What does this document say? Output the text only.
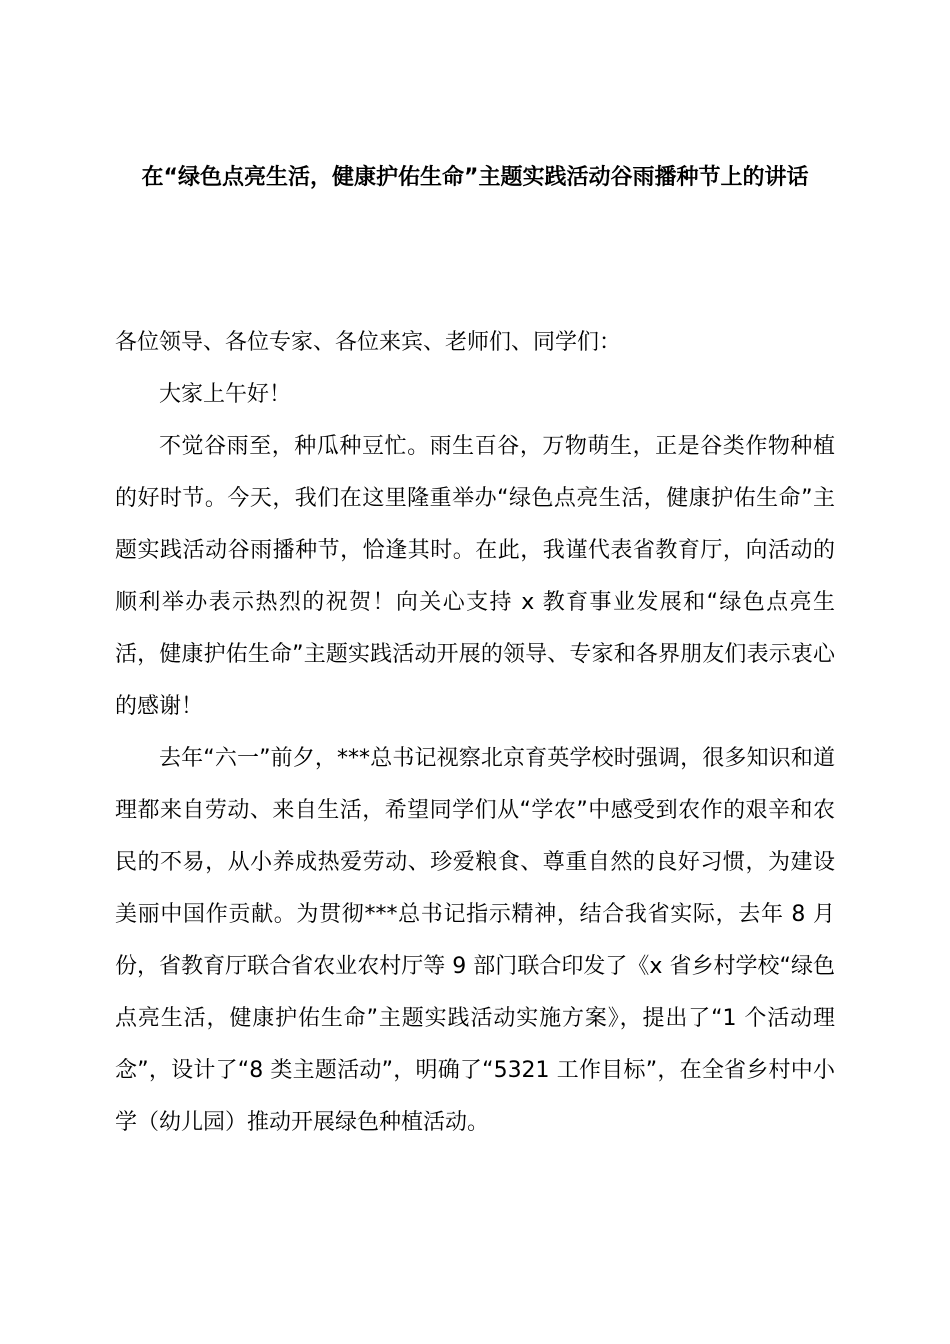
在“绿色点亮生活，健康护佑生命”主题实践活动谷雨播种节上的讲话

各位领导、各位专家、各位来宾、老师们、同学们：

大家上午好！

不觉谷雨至，种瓜种豆忙。雨生百谷，万物萌生，正是谷类作物种植的好时节。今天，我们在这里隆重举办“绿色点亮生活，健康护佑生命”主题实践活动谷雨播种节，恰逢其时。在此，我谨代表省教育厅，向活动的顺利举办表示热烈的祝贺！向关心支持 x 教育事业发展和“绿色点亮生活，健康护佑生命”主题实践活动开展的领导、专家和各界朋友们表示衷心的感谢！

去年“六一”前夕，***总书记视察北京育英学校时强调，很多知识和道理都来自劳动、来自生活，希望同学们从“学农”中感受到农作的艰辛和农民的不易，从小养成热爱劳动、珍爱粮食、尊重自然的良好习惯，为建设美丽中国作贡献。为贯彻***总书记指示精神，结合我省实际，去年 8 月份，省教育厅联合省农业农村厅等 9 部门联合印发了《x 省乡村学校“绿色点亮生活，健康护佑生命”主题实践活动实施方案》，提出了“1 个活动理念”，设计了“8 类主题活动”，明确了“5321 工作目标”，在全省乡村中小学（幼儿园）推动开展绿色种植活动。
